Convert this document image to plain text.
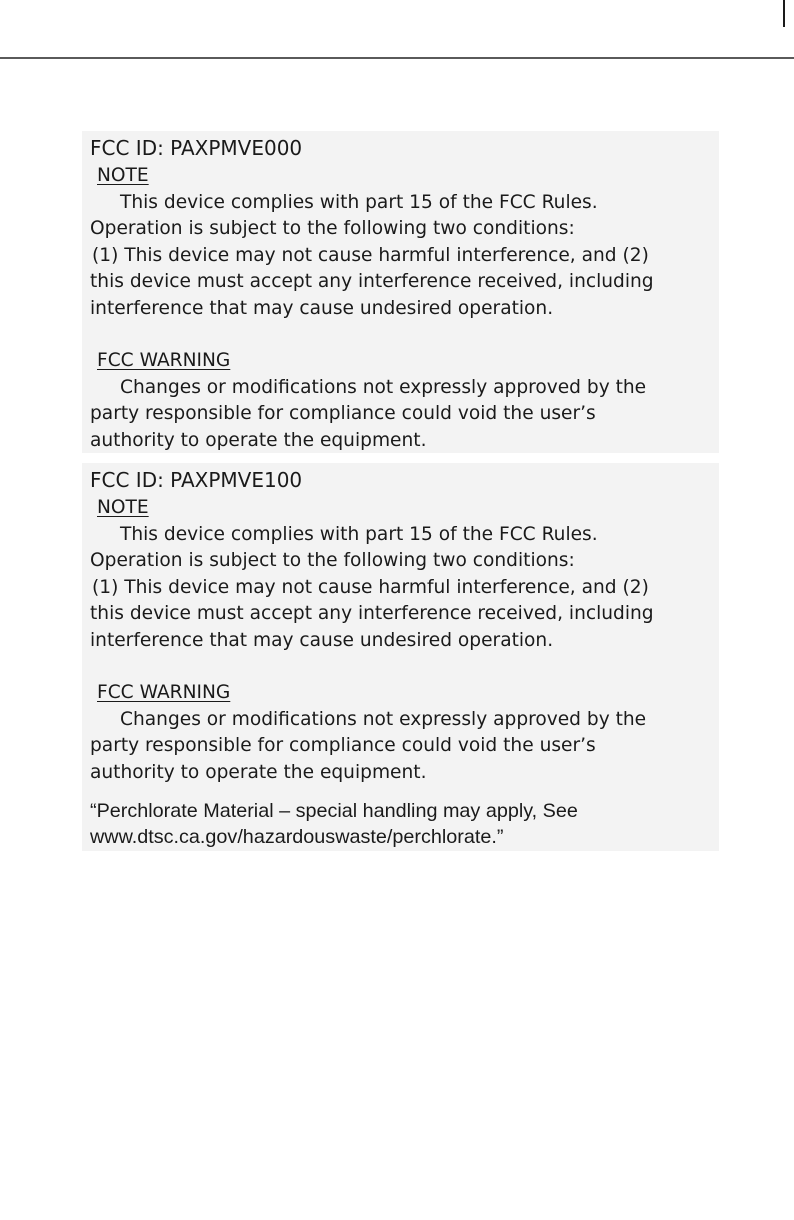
FCC ID: PAXPMVE000

NOTE

This device complies with part 15 of the FCC Rules.

Operation is subject to the following two conditions:

(1) This device may not cause harmful interference, and (2)

this device must accept any interference received, including

interference that may cause undesired operation.

FCC WARNING

Changes or modifications not expressly approved by the

party responsible for compliance could void the user’s

authority to operate the equipment.

FCC ID: PAXPMVE100

NOTE

This device complies with part 15 of the FCC Rules.

Operation is subject to the following two conditions:

(1) This device may not cause harmful interference, and (2)

this device must accept any interference received, including

interference that may cause undesired operation.

FCC WARNING

Changes or modifications not expressly approved by the

party responsible for compliance could void the user’s

authority to operate the equipment.

“Perchlorate Material – special handling may apply, See

www.dtsc.ca.gov/hazardouswaste/perchlorate.”
